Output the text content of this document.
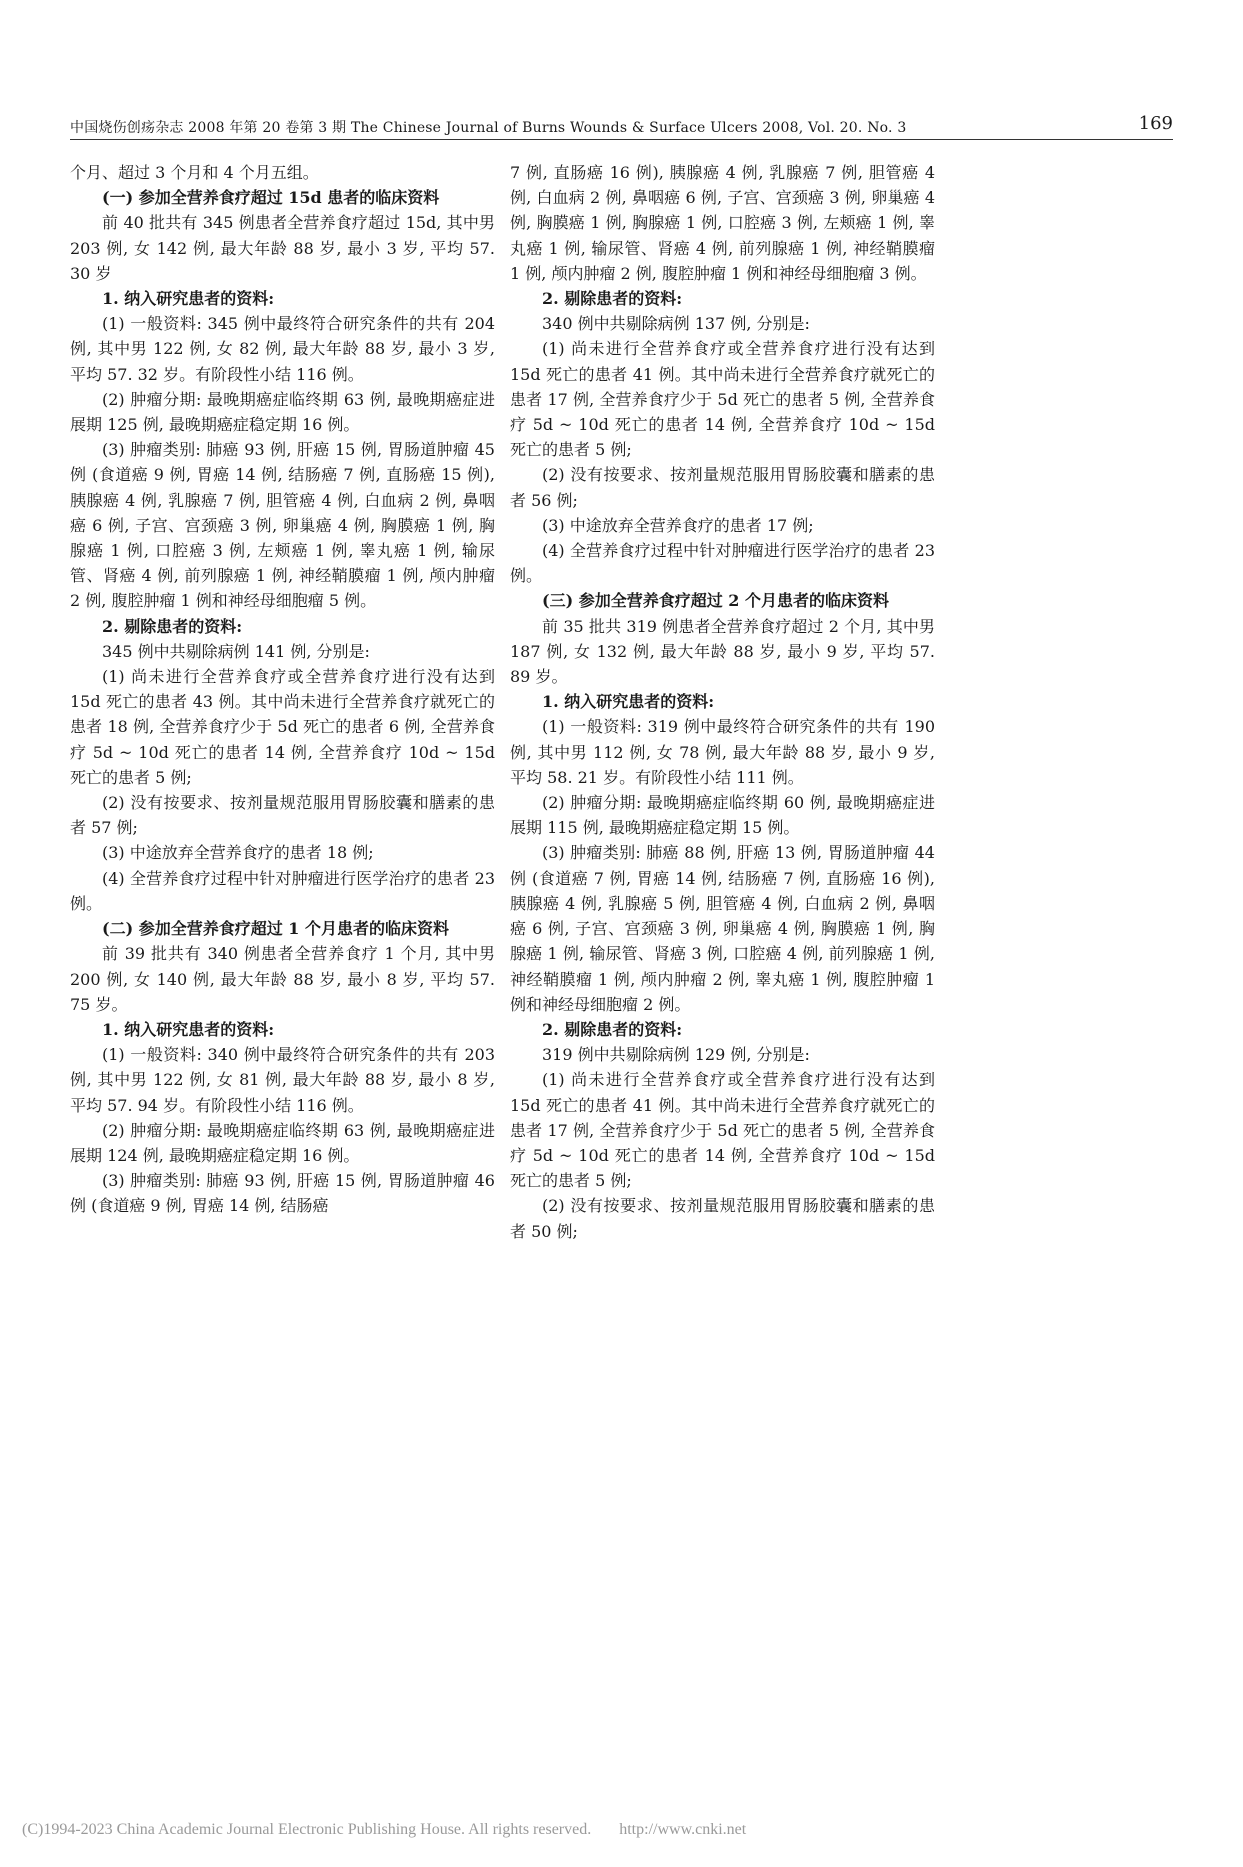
中国烧伤创疡杂志 2008 年第 20 卷第 3 期 The Chinese Journal of Burns Wounds & Surface Ulcers 2008, Vol. 20. No. 3	169

个月、超过 3 个月和 4 个月五组。

(一) 参加全营养食疗超过 15d 患者的临床资料

前 40 批共有 345 例患者全营养食疗超过 15d, 其中男 203 例, 女 142 例, 最大年龄 88 岁, 最小 3 岁, 平均 57. 30 岁

1. 纳入研究患者的资料:

(1) 一般资料: 345 例中最终符合研究条件的共有 204 例, 其中男 122 例, 女 82 例, 最大年龄 88 岁, 最小 3 岁, 平均 57. 32 岁。有阶段性小结 116 例。

(2) 肿瘤分期: 最晚期癌症临终期 63 例, 最晚期癌症进展期 125 例, 最晚期癌症稳定期 16 例。

(3) 肿瘤类别: 肺癌 93 例, 肝癌 15 例, 胃肠道肿瘤 45 例 (食道癌 9 例, 胃癌 14 例, 结肠癌 7 例, 直肠癌 15 例), 胰腺癌 4 例, 乳腺癌 7 例, 胆管癌 4 例, 白血病 2 例, 鼻咽癌 6 例, 子宫、宫颈癌 3 例, 卵巢癌 4 例, 胸膜癌 1 例, 胸腺癌 1 例, 口腔癌 3 例, 左颊癌 1 例, 睾丸癌 1 例, 输尿管、肾癌 4 例, 前列腺癌 1 例, 神经鞘膜瘤 1 例, 颅内肿瘤 2 例, 腹腔肿瘤 1 例和神经母细胞瘤 5 例。

2. 剔除患者的资料:

345 例中共剔除病例 141 例, 分别是:

(1) 尚未进行全营养食疗或全营养食疗进行没有达到 15d 死亡的患者 43 例。其中尚未进行全营养食疗就死亡的患者 18 例, 全营养食疗少于 5d 死亡的患者 6 例, 全营养食疗 5d ~ 10d 死亡的患者 14 例, 全营养食疗 10d ~ 15d 死亡的患者 5 例;

(2) 没有按要求、按剂量规范服用胃肠胶囊和膳素的患者 57 例;

(3) 中途放弃全营养食疗的患者 18 例;

(4) 全营养食疗过程中针对肿瘤进行医学治疗的患者 23 例。

(二) 参加全营养食疗超过 1 个月患者的临床资料

前 39 批共有 340 例患者全营养食疗 1 个月, 其中男 200 例, 女 140 例, 最大年龄 88 岁, 最小 8 岁, 平均 57. 75 岁。

1. 纳入研究患者的资料:

(1) 一般资料: 340 例中最终符合研究条件的共有 203 例, 其中男 122 例, 女 81 例, 最大年龄 88 岁, 最小 8 岁, 平均 57. 94 岁。有阶段性小结 116 例。

(2) 肿瘤分期: 最晚期癌症临终期 63 例, 最晚期癌症进展期 124 例, 最晚期癌症稳定期 16 例。

(3) 肿瘤类别: 肺癌 93 例, 肝癌 15 例, 胃肠道肿瘤 46 例 (食道癌 9 例, 胃癌 14 例, 结肠癌

7 例, 直肠癌 16 例), 胰腺癌 4 例, 乳腺癌 7 例, 胆管癌 4 例, 白血病 2 例, 鼻咽癌 6 例, 子宫、宫颈癌 3 例, 卵巢癌 4 例, 胸膜癌 1 例, 胸腺癌 1 例, 口腔癌 3 例, 左颊癌 1 例, 睾丸癌 1 例, 输尿管、肾癌 4 例, 前列腺癌 1 例, 神经鞘膜瘤 1 例, 颅内肿瘤 2 例, 腹腔肿瘤 1 例和神经母细胞瘤 3 例。

2. 剔除患者的资料:

340 例中共剔除病例 137 例, 分别是:

(1) 尚未进行全营养食疗或全营养食疗进行没有达到 15d 死亡的患者 41 例。其中尚未进行全营养食疗就死亡的患者 17 例, 全营养食疗少于 5d 死亡的患者 5 例, 全营养食疗 5d ~ 10d 死亡的患者 14 例, 全营养食疗 10d ~ 15d 死亡的患者 5 例;

(2) 没有按要求、按剂量规范服用胃肠胶囊和膳素的患者 56 例;

(3) 中途放弃全营养食疗的患者 17 例;

(4) 全营养食疗过程中针对肿瘤进行医学治疗的患者 23 例。

(三) 参加全营养食疗超过 2 个月患者的临床资料

前 35 批共 319 例患者全营养食疗超过 2 个月, 其中男 187 例, 女 132 例, 最大年龄 88 岁, 最小 9 岁, 平均 57. 89 岁。

1. 纳入研究患者的资料:

(1) 一般资料: 319 例中最终符合研究条件的共有 190 例, 其中男 112 例, 女 78 例, 最大年龄 88 岁, 最小 9 岁, 平均 58. 21 岁。有阶段性小结 111 例。

(2) 肿瘤分期: 最晚期癌症临终期 60 例, 最晚期癌症进展期 115 例, 最晚期癌症稳定期 15 例。

(3) 肿瘤类别: 肺癌 88 例, 肝癌 13 例, 胃肠道肿瘤 44 例 (食道癌 7 例, 胃癌 14 例, 结肠癌 7 例, 直肠癌 16 例), 胰腺癌 4 例, 乳腺癌 5 例, 胆管癌 4 例, 白血病 2 例, 鼻咽癌 6 例, 子宫、宫颈癌 3 例, 卵巢癌 4 例, 胸膜癌 1 例, 胸腺癌 1 例, 输尿管、肾癌 3 例, 口腔癌 4 例, 前列腺癌 1 例, 神经鞘膜瘤 1 例, 颅内肿瘤 2 例, 睾丸癌 1 例, 腹腔肿瘤 1 例和神经母细胞瘤 2 例。

2. 剔除患者的资料:

319 例中共剔除病例 129 例, 分别是:

(1) 尚未进行全营养食疗或全营养食疗进行没有达到 15d 死亡的患者 41 例。其中尚未进行全营养食疗就死亡的患者 17 例, 全营养食疗少于 5d 死亡的患者 5 例, 全营养食疗 5d ~ 10d 死亡的患者 14 例, 全营养食疗 10d ~ 15d 死亡的患者 5 例;

(2) 没有按要求、按剂量规范服用胃肠胶囊和膳素的患者 50 例;

(C)1994-2023 China Academic Journal Electronic Publishing House. All rights reserved. http://www.cnki.net
